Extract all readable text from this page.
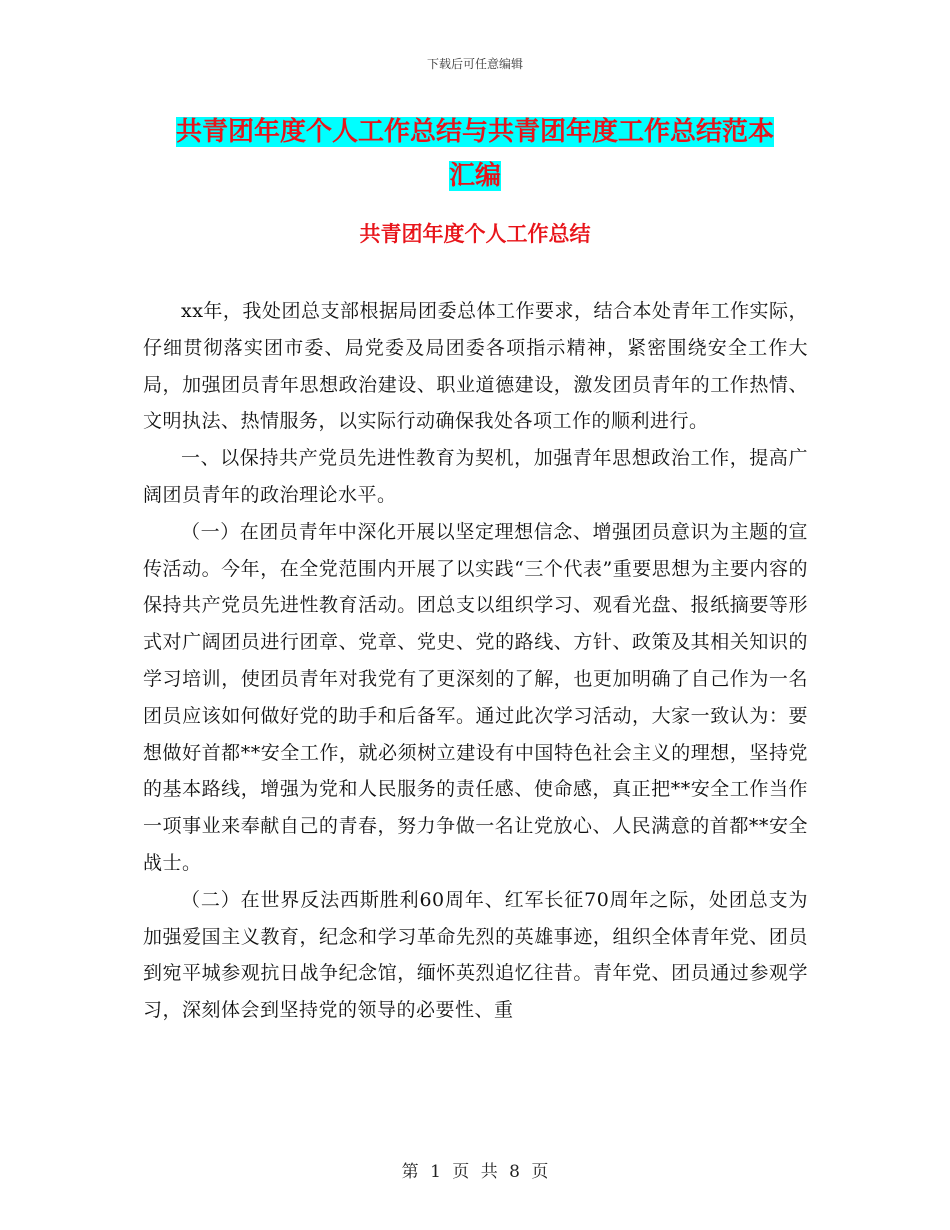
下载后可任意编辑
共青团年度个人工作总结与共青团年度工作总结范本
汇编
共青团年度个人工作总结

xx年，我处团总支部根据局团委总体工作要求，结合本处青年工作实际，仔细贯彻落实团市委、局党委及局团委各项指示精神，紧密围绕安全工作大局，加强团员青年思想政治建设、职业道德建设，激发团员青年的工作热情、文明执法、热情服务，以实际行动确保我处各项工作的顺利进行。

一、以保持共产党员先进性教育为契机，加强青年思想政治工作，提高广阔团员青年的政治理论水平。

（一）在团员青年中深化开展以坚定理想信念、增强团员意识为主题的宣传活动。今年，在全党范围内开展了以实践“三个代表”重要思想为主要内容的保持共产党员先进性教育活动。团总支以组织学习、观看光盘、报纸摘要等形式对广阔团员进行团章、党章、党史、党的路线、方针、政策及其相关知识的学习培训，使团员青年对我党有了更深刻的了解，也更加明确了自己作为一名团员应该如何做好党的助手和后备军。通过此次学习活动，大家一致认为：要想做好首都**安全工作，就必须树立建设有中国特色社会主义的理想，坚持党的基本路线，增强为党和人民服务的责任感、使命感，真正把**安全工作当作一项事业来奉献自己的青春，努力争做一名让党放心、人民满意的首都**安全战士。

（二）在世界反法西斯胜利60周年、红军长征70周年之际，处团总支为加强爱国主义教育，纪念和学习革命先烈的英雄事迹，组织全体青年党、团员到宛平城参观抗日战争纪念馆，缅怀英烈追忆往昔。青年党、团员通过参观学习，深刻体会到坚持党的领导的必要性、重

第 1 页 共 8 页
